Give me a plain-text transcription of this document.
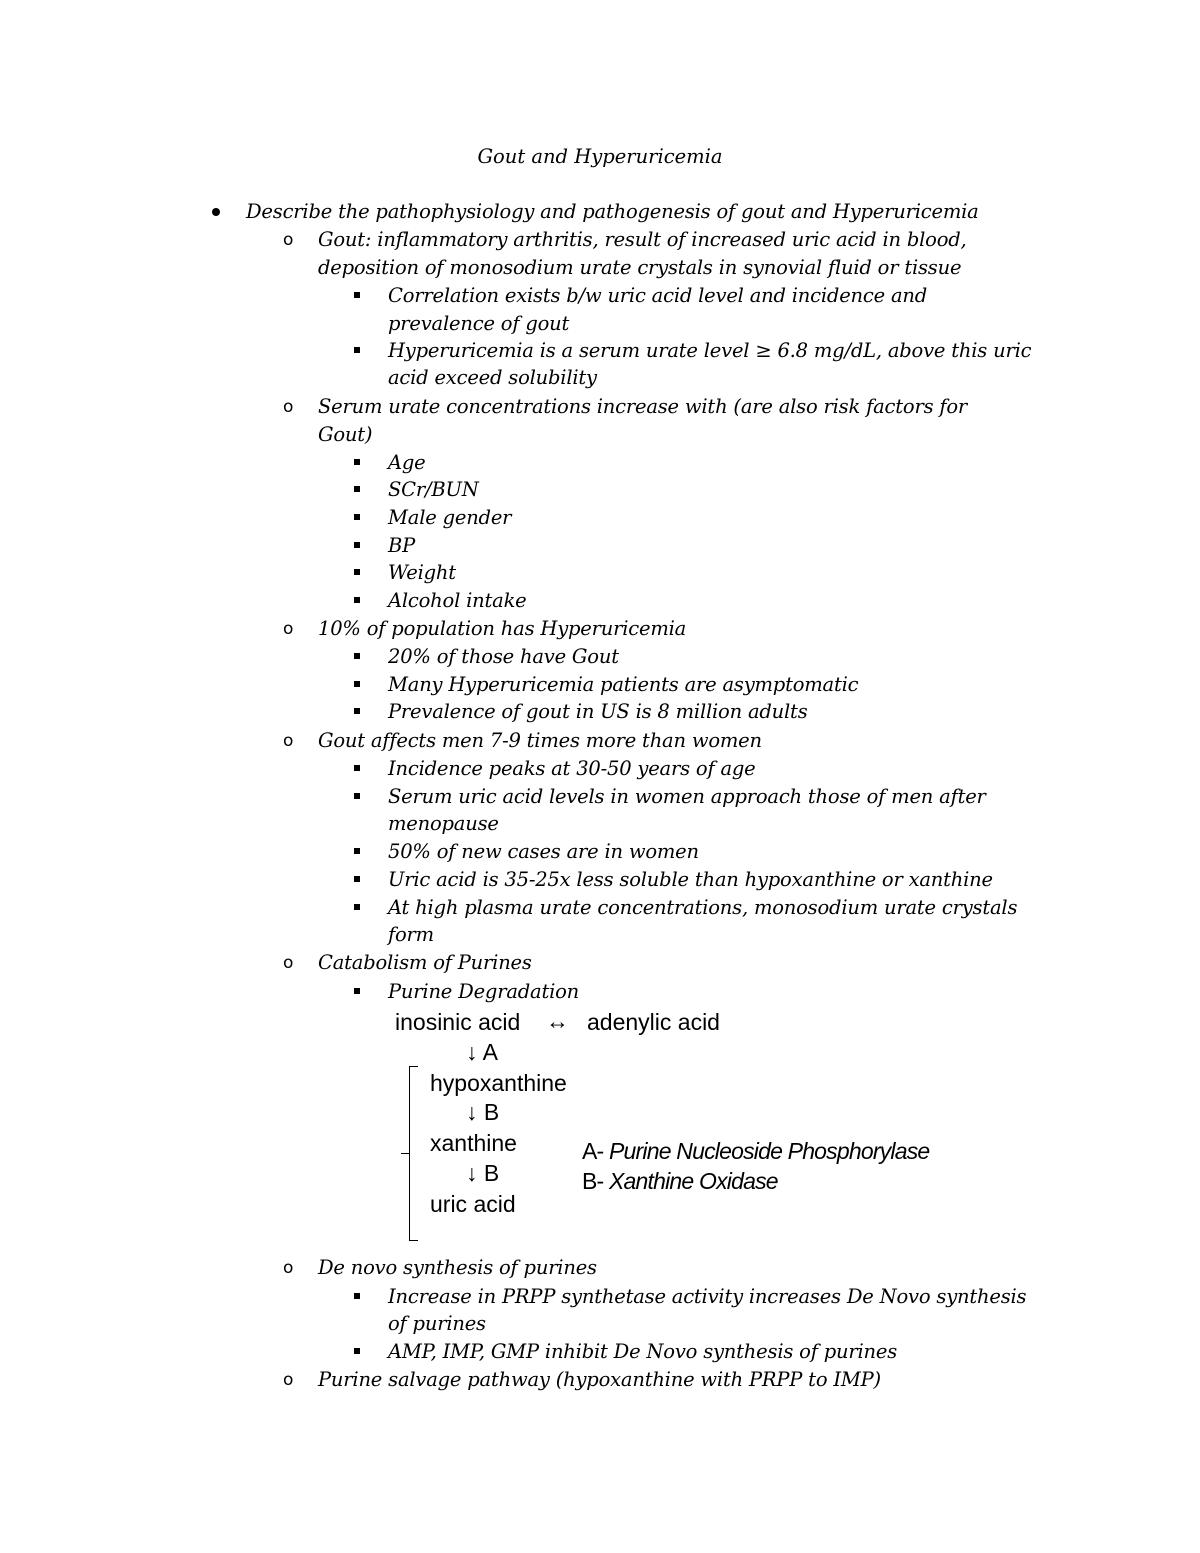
Gout and Hyperuricemia
Describe the pathophysiology and pathogenesis of gout and Hyperuricemia
o Gout: inflammatory arthritis, result of increased uric acid in blood,
deposition of monosodium urate crystals in synovial fluid or tissue
Correlation exists b/w uric acid level and incidence and
prevalence of gout
Hyperuricemia is a serum urate level ≥ 6.8 mg/dL, above this uric
acid exceed solubility
o Serum urate concentrations increase with (are also risk factors for
Gout)
Age
SCr/BUN
Male gender
BP
Weight
Alcohol intake
o 10% of population has Hyperuricemia
20% of those have Gout
Many Hyperuricemia patients are asymptomatic
Prevalence of gout in US is 8 million adults
o Gout affects men 7-9 times more than women
Incidence peaks at 30-50 years of age
Serum uric acid levels in women approach those of men after
menopause
50% of new cases are in women
Uric acid is 35-25x less soluble than hypoxanthine or xanthine
At high plasma urate concentrations, monosodium urate crystals
form
o Catabolism of Purines
Purine Degradation
inosinic acid ↔ adenylic acid
↓ A
hypoxanthine
↓ B
xanthine
↓ B
uric acid
A- Purine Nucleoside Phosphorylase
B- Xanthine Oxidase
o De novo synthesis of purines
Increase in PRPP synthetase activity increases De Novo synthesis
of purines
AMP, IMP, GMP inhibit De Novo synthesis of purines
o Purine salvage pathway (hypoxanthine with PRPP to IMP)
